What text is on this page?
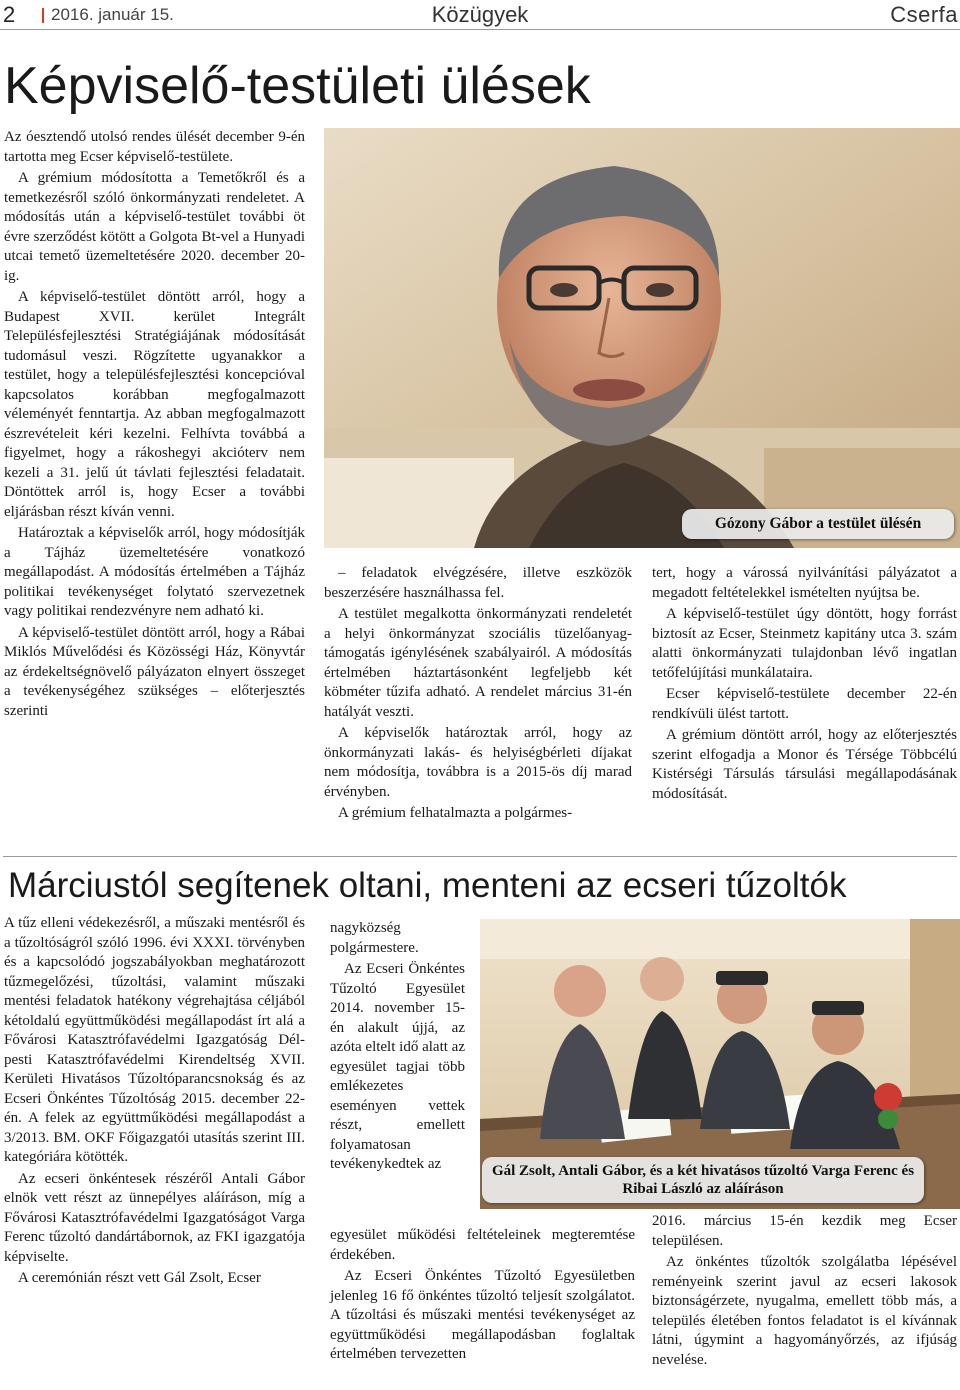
2 2016. január 15.	Közügyek	Cserfa
Képviselő-testületi ülések

Az óesztendő utolsó rendes ülését december 9-én tartotta meg Ecser képviselő-testülete.

A grémium módosította a Temetőkről és a temetkezésről szóló önkormányzati rendeletet. A módosítás után a képviselő-testület további öt évre szerződést kötött a Golgota Bt-vel a Hunyadi utcai temető üzemeltetésére 2020. december 20-ig.

A képviselő-testület döntött arról, hogy a Budapest XVII. kerület Integrált Településfejlesztési Stratégiájának módosítását tudomásul veszi. Rögzítette ugyanakkor a testület, hogy a településfejlesztési koncepcióval kapcsolatos korábban megfogalmazott véleményét fenntartja. Az abban megfogalmazott észrevételeit kéri kezelni. Felhívta továbbá a figyelmet, hogy a rákoshegyi akcióterv nem kezeli a 31. jelű út távlati fejlesztési feladatait. Döntöttek arról is, hogy Ecser a további eljárásban részt kíván venni.

Határoztak a képviselők arról, hogy módosítják a Tájház üzemeltetésére vonatkozó megállapodást. A módosítás értelmében a Tájház politikai tevékenységet folytató szervezetnek vagy politikai rendezvényre nem adható ki.

A képviselő-testület döntött arról, hogy a Rábai Miklós Művelődési és Közösségi Ház, Könyvtár az érdekeltségnövelő pályázaton elnyert összeget a tevékenységéhez szükséges – előterjesztés szerinti

Gózony Gábor a testület ülésén

– feladatok elvégzésére, illetve eszközök beszerzésére használhassa fel.

A testület megalkotta önkormányzati rendeletét a helyi önkormányzat szociális tüzelőanyag-támogatás igénylésének szabályairól. A módosítás értelmében háztartásonként legfeljebb két köbméter tűzifa adható. A rendelet március 31-én hatályát veszti.

A képviselők határoztak arról, hogy az önkormányzati lakás- és helyiségbérleti díjakat nem módosítja, továbbra is a 2015-ös díj marad érvényben.

A grémium felhatalmazta a polgármes-

tert, hogy a várossá nyilvánítási pályázatot a megadott feltételekkel ismételten nyújtsa be.

A képviselő-testület úgy döntött, hogy forrást biztosít az Ecser, Steinmetz kapitány utca 3. szám alatti önkormányzati tulajdonban lévő ingatlan tetőfelújítási munkálataira.

Ecser képviselő-testülete december 22-én rendkívüli ülést tartott.

A grémium döntött arról, hogy az előterjesztés szerint elfogadja a Monor és Térsége Többcélú Kistérségi Társulás társulási megállapodásának módosítását.

Márciustól segítenek oltani, menteni az ecseri tűzoltók

A tűz elleni védekezésről, a műszaki mentésről és a tűzoltóságról szóló 1996. évi XXXI. törvényben és a kapcsolódó jogszabályokban meghatározott tűzmegelőzési, tűzoltási, valamint műszaki mentési feladatok hatékony végrehajtása céljából kétoldalú együttműködési megállapodást írt alá a Fővárosi Katasztrófavédelmi Igazgatóság Dél-pesti Katasztrófavédelmi Kirendeltség XVII. Kerületi Hivatásos Tűzoltóparancsnokság és az Ecseri Önkéntes Tűzoltóság 2015. december 22-én. A felek az együttműködési megállapodást a 3/2013. BM. OKF Főigazgatói utasítás szerint III. kategóriára kötötték.

Az ecseri önkéntesek részéről Antali Gábor elnök vett részt az ünnepélyes aláíráson, míg a Fővárosi Katasztrófavédelmi Igazgatóságot Varga Ferenc tűzoltó dandártábornok, az FKI igazgatója képviselte.

A ceremónián részt vett Gál Zsolt, Ecser

nagyközség polgármestere.

Az Ecseri Önkéntes Tűzoltó Egyesület 2014. november 15-én alakult újjá, az azóta eltelt idő alatt az egyesület tagjai több emlékezetes eseményen vettek részt, emellett folyamatosan tevékenykedtek az	Gál Zsolt, Antali Gábor, és a két hivatásos tűzoltó Varga Ferenc és Ribai László az aláíráson

egyesület működési feltételeinek megteremtése érdekében.

Az Ecseri Önkéntes Tűzoltó Egyesületben jelenleg 16 fő önkéntes tűzoltó teljesít szolgálatot. A tűzoltási és műszaki mentési tevékenységet az együttműködési megállapodásban foglaltak értelmében tervezetten

2016. március 15-én kezdik meg Ecser településen.

Az önkéntes tűzoltók szolgálatba lépésével reményeink szerint javul az ecseri lakosok biztonságérzete, nyugalma, emellett több más, a település életében fontos feladatot is el kívánnak látni, úgymint a hagyományőrzés, az ifjúság nevelése.
